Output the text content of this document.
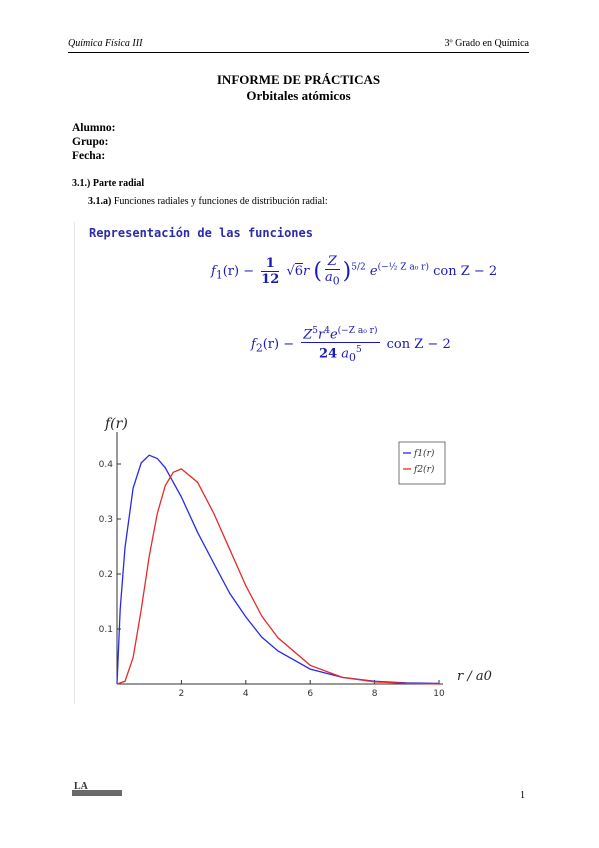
Química Física III	3º Grado en Química
INFORME DE PRÁCTICAS
Orbitales atómicos
Alumno:
Grupo:
Fecha:
3.1.) Parte radial
3.1.a) Funciones radiales y funciones de distribución radial:
Representación de las funciones
$f_1(r) - \frac{1}{12} √6r$ ( $\frac{Z}{a_0} )^{5/2}$ $e^{(-\frac{1}{2} Z a_0 r)}$ con Z − 2
$f_2(r) - \frac{Z^5r^4e^{(-Z a_0 r)}}{24 a_0^5}$ con Z − 2
2	4	6	8	10
0.1
0.2
0.3
0.4
f(r)
r / a0
f1(r)
f2(r)
LA
1
